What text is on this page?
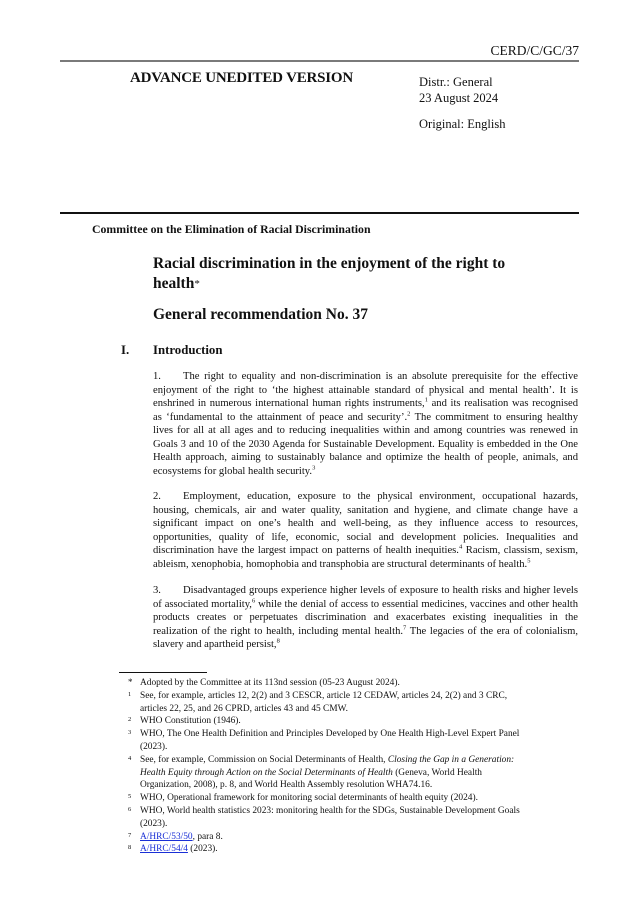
CERD/C/GC/37
ADVANCE UNEDITED VERSION	Distr.: General
23 August 2024
Original: English
Committee on the Elimination of Racial Discrimination
Racial discrimination in the enjoyment of the right to health*
General recommendation No. 37
I. Introduction
1. The right to equality and non-discrimination is an absolute prerequisite for the effective enjoyment of the right to ‘the highest attainable standard of physical and mental health’. It is enshrined in numerous international human rights instruments,$^1$ and its realisation was recognised as ‘fundamental to the attainment of peace and security’.$^2$ The commitment to ensuring healthy lives for all at all ages and to reducing inequalities within and among countries was renewed in Goals 3 and 10 of the 2030 Agenda for Sustainable Development. Equality is embedded in the One Health approach, aiming to sustainably balance and optimize the health of people, animals, and ecosystems for global health security.$^3$
2. Employment, education, exposure to the physical environment, occupational hazards, housing, chemicals, air and water quality, sanitation and hygiene, and climate change have a significant impact on one’s health and well-being, as they influence access to resources, opportunities, quality of life, economic, social and development policies. Inequalities and discrimination have the largest impact on patterns of health inequities.$^4$ Racism, classism, sexism, ableism, xenophobia, homophobia and transphobia are structural determinants of health.$^5$
3. Disadvantaged groups experience higher levels of exposure to health risks and higher levels of associated mortality,$^6$ while the denial of access to essential medicines, vaccines and other health products creates or perpetuates discrimination and exacerbates existing inequalities in the realization of the right to health, including mental health.$^7$ The legacies of the era of colonialism, slavery and apartheid persist,$^8$
* Adopted by the Committee at its 113nd session (05-23 August 2024).
1 See, for example, articles 12, 2(2) and 3 CESCR, article 12 CEDAW, articles 24, 2(2) and 3 CRC, articles 22, 25, and 26 CPRD, articles 43 and 45 CMW.
2 WHO Constitution (1946).
3 WHO, The One Health Definition and Principles Developed by One Health High-Level Expert Panel (2023).
4 See, for example, Commission on Social Determinants of Health, Closing the Gap in a Generation: Health Equity through Action on the Social Determinants of Health (Geneva, World Health Organization, 2008), p. 8, and World Health Assembly resolution WHA74.16.
5 WHO, Operational framework for monitoring social determinants of health equity (2024).
6 WHO, World health statistics 2023: monitoring health for the SDGs, Sustainable Development Goals (2023).
7 A/HRC/53/50, para 8.
8 A/HRC/54/4 (2023).
